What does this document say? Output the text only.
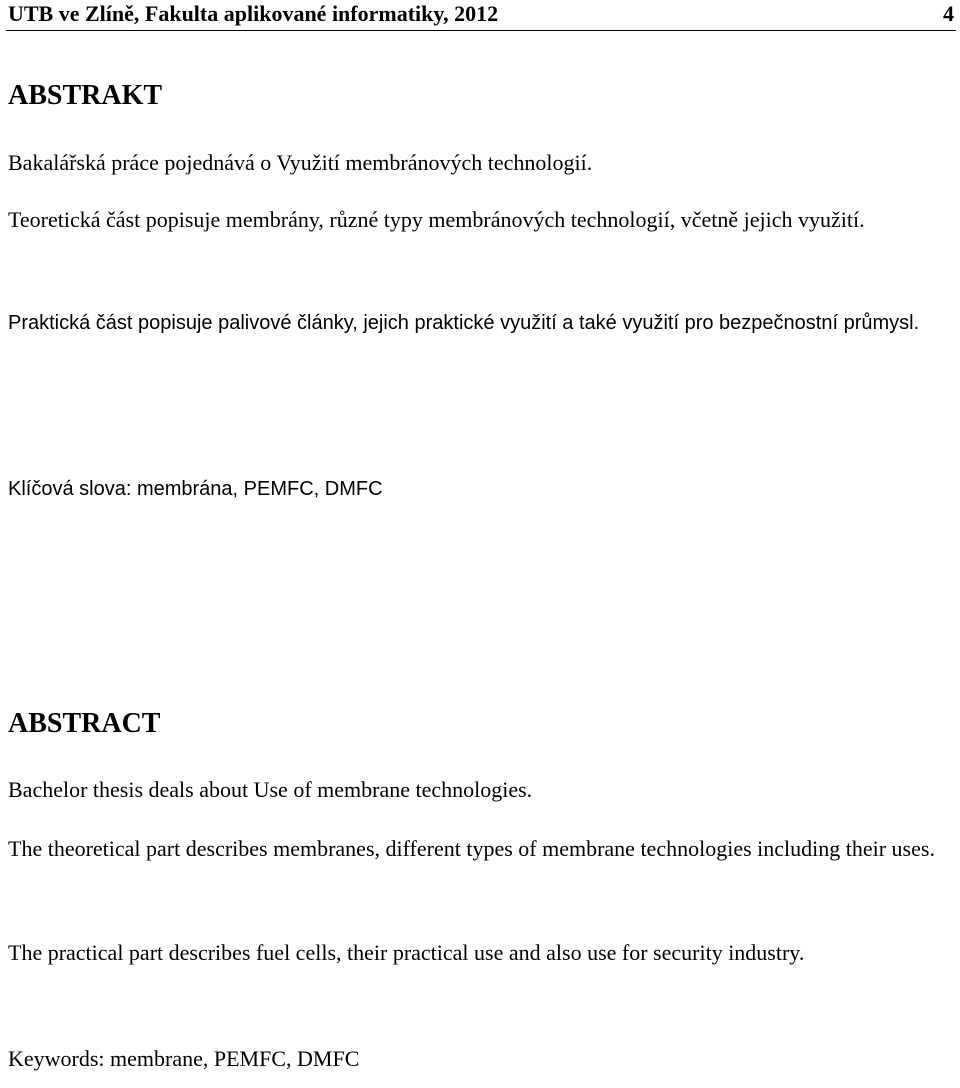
UTB ve Zlíně, Fakulta aplikované informatiky, 2012	4
ABSTRAKT

Bakalářská práce pojednává o Využití membránových technologií.

Teoretická část popisuje membrány, různé typy membránových technologií, včetně jejich využití.

Praktická část popisuje palivové články, jejich praktické využití a také využití pro bezpečnostní průmysl.

Klíčová slova: membrána, PEMFC, DMFC

ABSTRACT

Bachelor thesis deals about Use of membrane technologies.

The theoretical part describes membranes, different types of membrane technologies including their uses.

The practical part describes fuel cells, their practical use and also use for security industry.

Keywords: membrane, PEMFC, DMFC
